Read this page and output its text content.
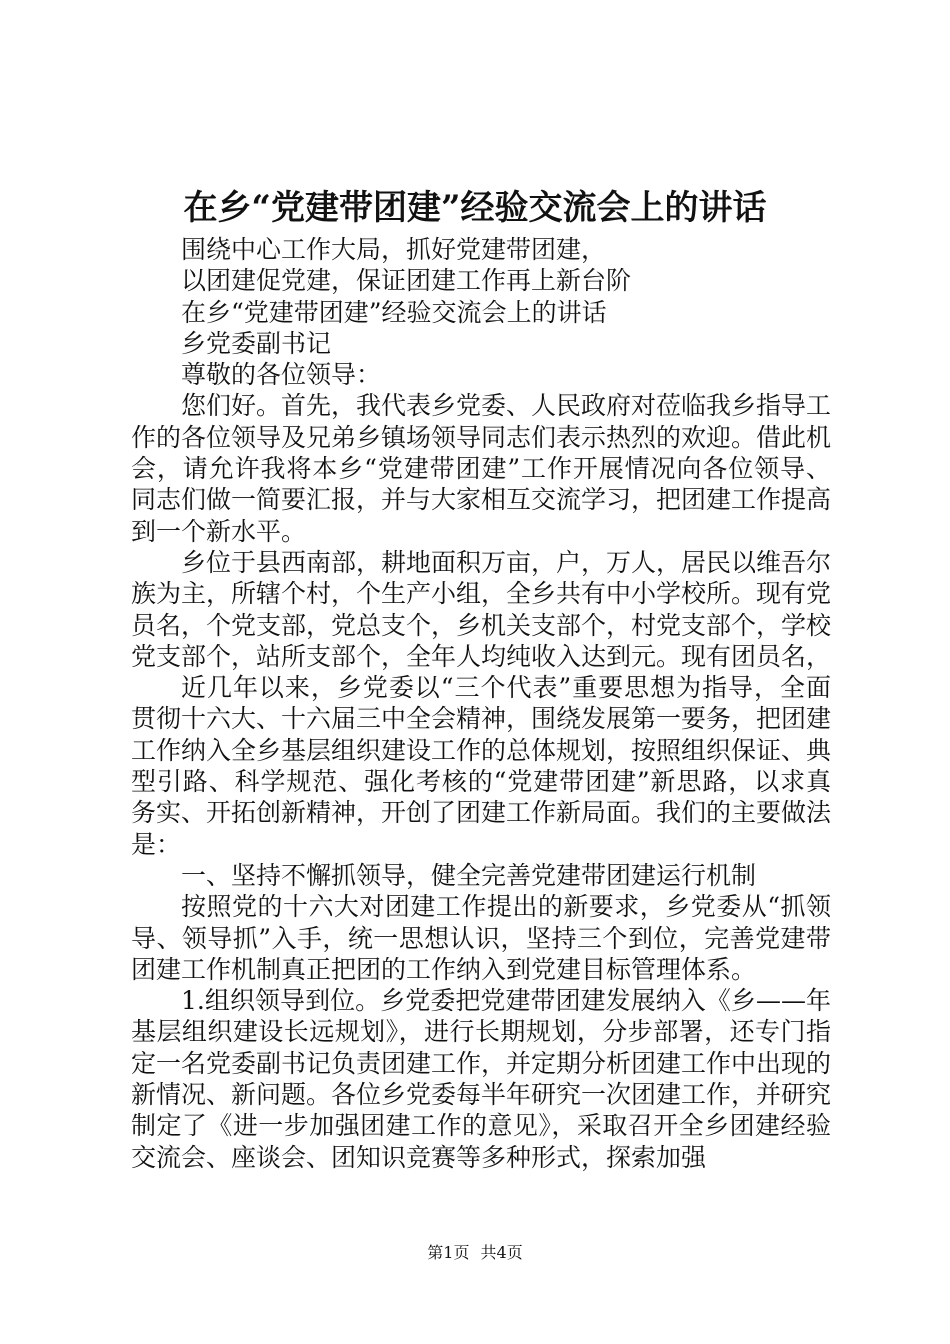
在乡“党建带团建”经验交流会上的讲话

围绕中心工作大局，抓好党建带团建，

以团建促党建，保证团建工作再上新台阶

在乡“党建带团建”经验交流会上的讲话

乡党委副书记

尊敬的各位领导：

您们好。首先，我代表乡党委、人民政府对莅临我乡指导工作的各位领导及兄弟乡镇场领导同志们表示热烈的欢迎。借此机会，请允许我将本乡“党建带团建”工作开展情况向各位领导、同志们做一简要汇报，并与大家相互交流学习，把团建工作提高到一个新水平。

乡位于县西南部，耕地面积万亩，户，万人，居民以维吾尔族为主，所辖个村，个生产小组，全乡共有中小学校所。现有党员名，个党支部，党总支个，乡机关支部个，村党支部个，学校党支部个，站所支部个，全年人均纯收入达到元。现有团员名，

近几年以来，乡党委以“三个代表”重要思想为指导，全面贯彻十六大、十六届三中全会精神，围绕发展第一要务，把团建工作纳入全乡基层组织建设工作的总体规划，按照组织保证、典型引路、科学规范、强化考核的“党建带团建”新思路，以求真务实、开拓创新精神，开创了团建工作新局面。我们的主要做法是：

一、坚持不懈抓领导，健全完善党建带团建运行机制

按照党的十六大对团建工作提出的新要求，乡党委从“抓领导、领导抓”入手，统一思想认识，坚持三个到位，完善党建带团建工作机制真正把团的工作纳入到党建目标管理体系。

1.组织领导到位。乡党委把党建带团建发展纳入《乡——年基层组织建设长远规划》，进行长期规划，分步部署，还专门指定一名党委副书记负责团建工作，并定期分析团建工作中出现的新情况、新问题。各位乡党委每半年研究一次团建工作，并研究制定了《进一步加强团建工作的意见》，采取召开全乡团建经验交流会、座谈会、团知识竞赛等多种形式，探索加强

第1页 共4页
